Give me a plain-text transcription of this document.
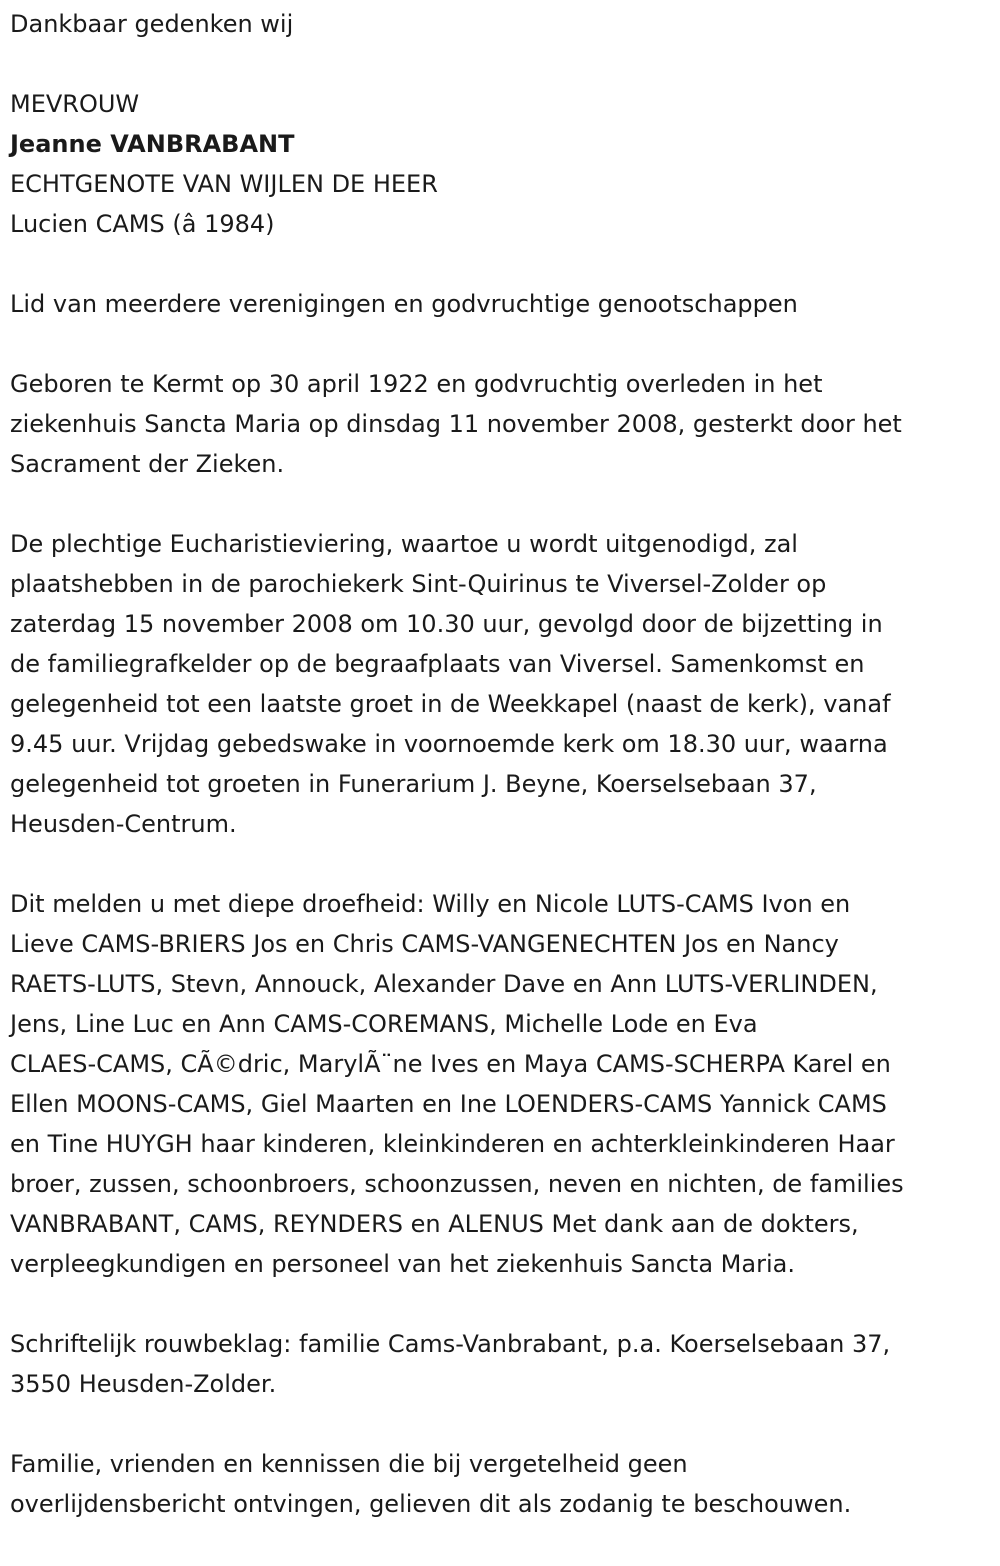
Dankbaar gedenken wij

MEVROUW

Jeanne VANBRABANT

ECHTGENOTE VAN WIJLEN DE HEER

Lucien CAMS (â 1984)

Lid van meerdere verenigingen en godvruchtige genootschappen

Geboren te Kermt op 30 april 1922 en godvruchtig overleden in het
ziekenhuis Sancta Maria op dinsdag 11 november 2008, gesterkt door het
Sacrament der Zieken.

De plechtige Eucharistieviering, waartoe u wordt uitgenodigd, zal
plaatshebben in de parochiekerk Sint-Quirinus te Viversel-Zolder op
zaterdag 15 november 2008 om 10.30 uur, gevolgd door de bijzetting in
de familiegrafkelder op de begraafplaats van Viversel. Samenkomst en
gelegenheid tot een laatste groet in de Weekkapel (naast de kerk), vanaf
9.45 uur. Vrijdag gebedswake in voornoemde kerk om 18.30 uur, waarna
gelegenheid tot groeten in Funerarium J. Beyne, Koerselsebaan 37,
Heusden-Centrum.

Dit melden u met diepe droefheid: Willy en Nicole LUTS-CAMS Ivon en
Lieve CAMS-BRIERS Jos en Chris CAMS-VANGENECHTEN Jos en Nancy
RAETS-LUTS, Stevn, Annouck, Alexander Dave en Ann LUTS-VERLINDEN,
Jens, Line Luc en Ann CAMS-COREMANS, Michelle Lode en Eva
CLAES-CAMS, CÃ©dric, MarylÃ¨ne Ives en Maya CAMS-SCHERPA Karel en
Ellen MOONS-CAMS, Giel Maarten en Ine LOENDERS-CAMS Yannick CAMS
en Tine HUYGH haar kinderen, kleinkinderen en achterkleinkinderen Haar
broer, zussen, schoonbroers, schoonzussen, neven en nichten, de families
VANBRABANT, CAMS, REYNDERS en ALENUS Met dank aan de dokters,
verpleegkundigen en personeel van het ziekenhuis Sancta Maria.

Schriftelijk rouwbeklag: familie Cams-Vanbrabant, p.a. Koerselsebaan 37,
3550 Heusden-Zolder.

Familie, vrienden en kennissen die bij vergetelheid geen
overlijdensbericht ontvingen, gelieven dit als zodanig te beschouwen.
